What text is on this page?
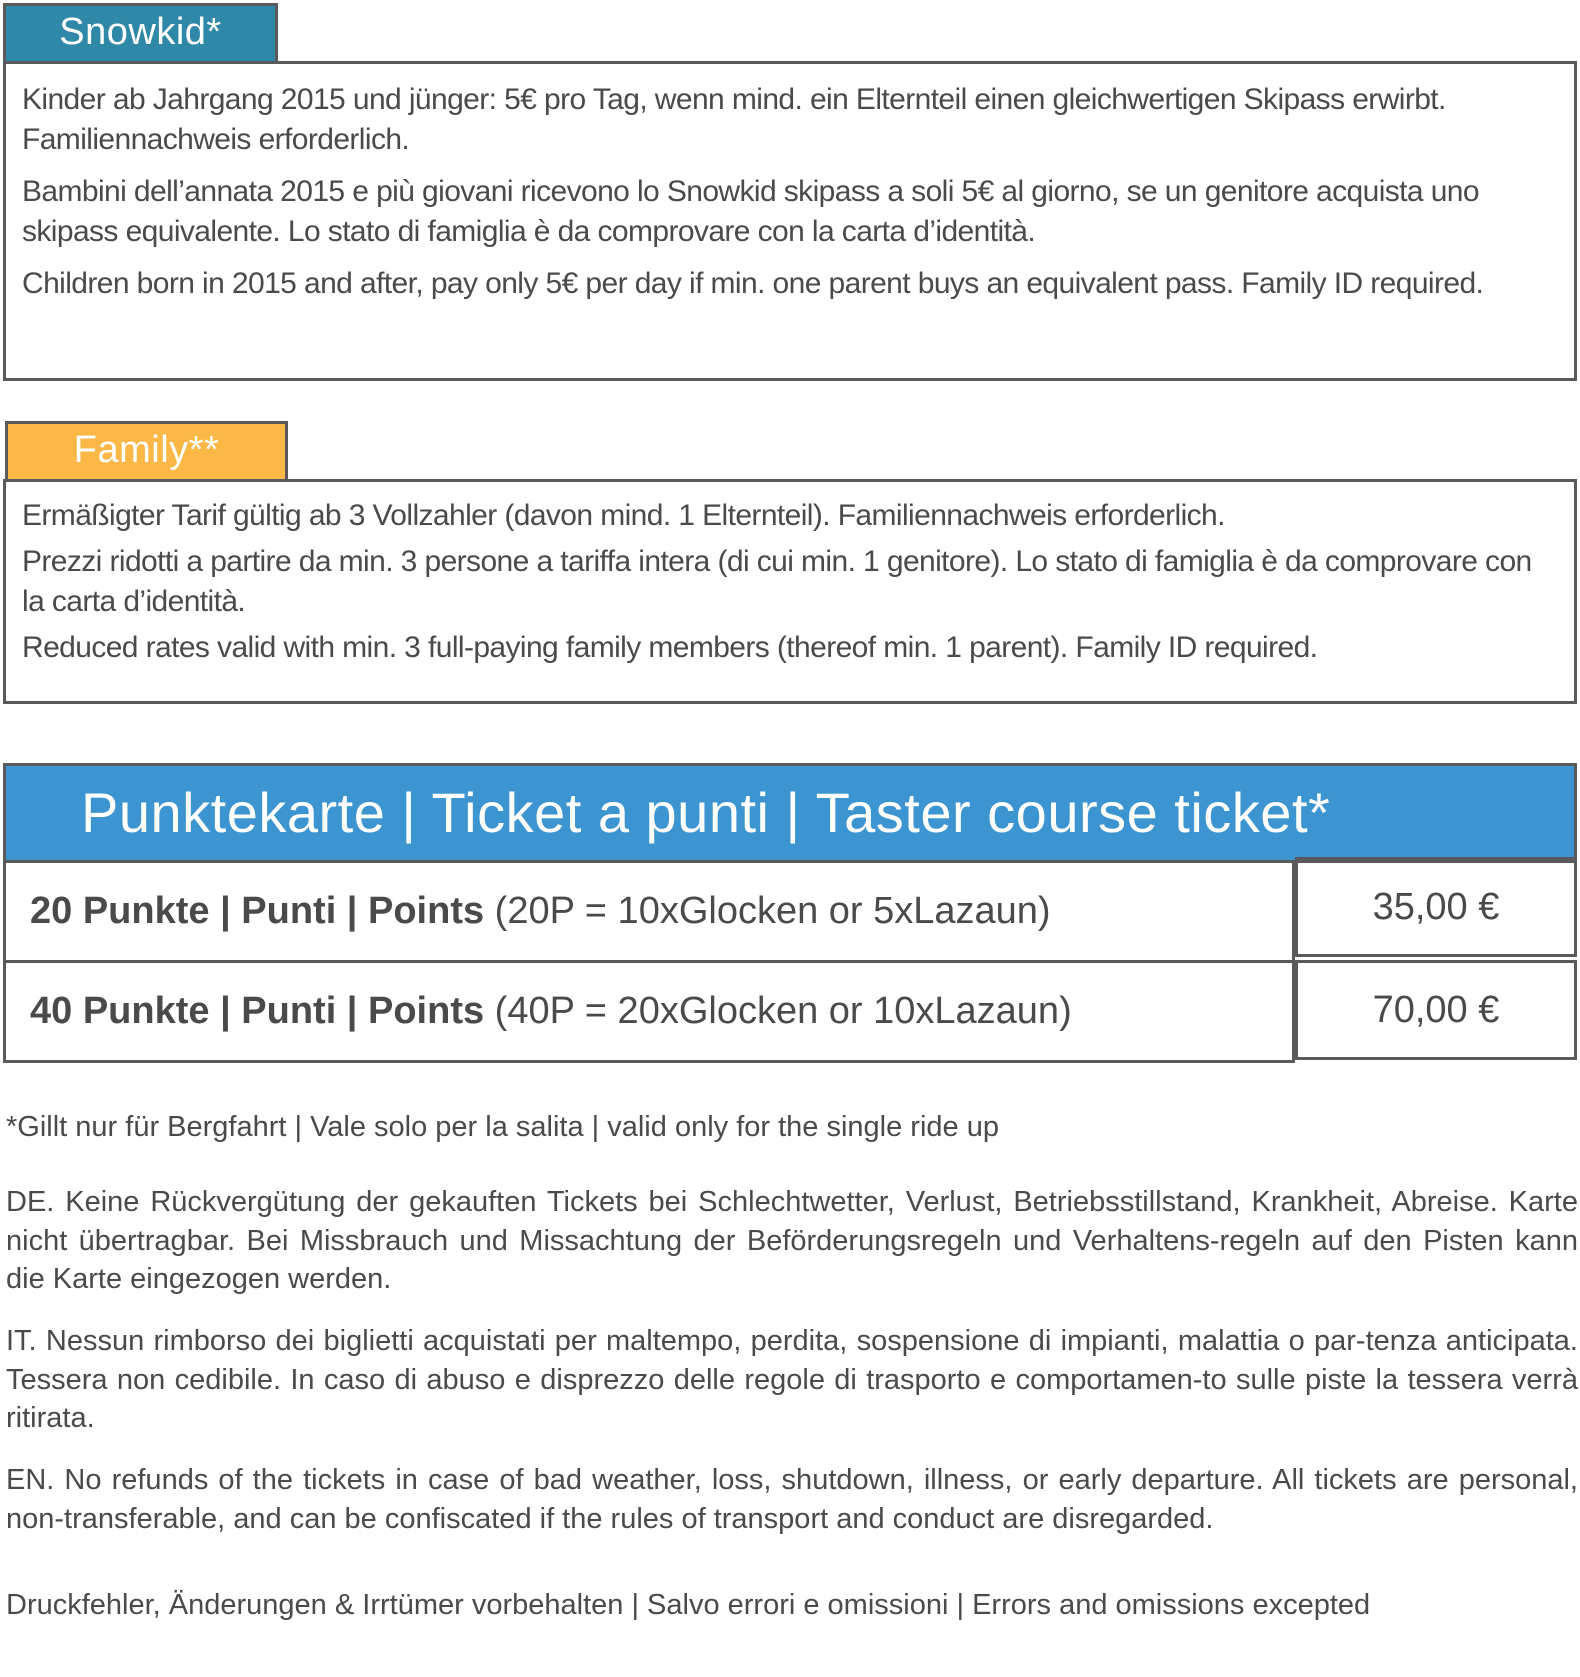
Snowkid*

Kinder ab Jahrgang 2015 und jünger: 5€ pro Tag, wenn mind. ein Elternteil einen gleichwertigen Skipass erwirbt. Familiennachweis erforderlich.

Bambini dell’annata 2015 e più giovani ricevono lo Snowkid skipass a soli 5€ al giorno, se un genitore acquista uno skipass equivalente. Lo stato di famiglia è da comprovare con la carta d’identità.

Children born in 2015 and after, pay only 5€ per day if min. one parent buys an equivalent pass. Family ID required.

Family**

Ermäßigter Tarif gültig ab 3 Vollzahler (davon mind. 1 Elternteil). Familiennachweis erforderlich.

Prezzi ridotti a partire da min. 3 persone a tariffa intera (di cui min. 1 genitore). Lo stato di famiglia è da comprovare con la carta d’identità.

Reduced rates valid with min. 3 full-paying family members (thereof min. 1 parent). Family ID required.

Punktekarte | Ticket a punti | Taster course ticket*
20 Punkte | Punti | Points (20P = 10xGlocken or 5xLazaun)	35,00 €
40 Punkte | Punti | Points (40P = 20xGlocken or 10xLazaun)	70,00 €
*Gillt nur für Bergfahrt | Vale solo per la salita | valid only for the single ride up
DE. Keine Rückvergütung der gekauften Tickets bei Schlechtwetter, Verlust, Betriebsstillstand, Krankheit, Abreise. Karte nicht übertragbar. Bei Missbrauch und Missachtung der Beförderungsregeln und Verhaltens-regeln auf den Pisten kann die Karte eingezogen werden.
IT. Nessun rimborso dei biglietti acquistati per maltempo, perdita, sospensione di impianti, malattia o par-tenza anticipata. Tessera non cedibile. In caso di abuso e disprezzo delle regole di trasporto e comportamen-to sulle piste la tessera verrà ritirata.
EN. No refunds of the tickets in case of bad weather, loss, shutdown, illness, or early departure. All tickets are personal, non-transferable, and can be confiscated if the rules of transport and conduct are disregarded.
Druckfehler, Änderungen & Irrtümer vorbehalten | Salvo errori e omissioni | Errors and omissions excepted
